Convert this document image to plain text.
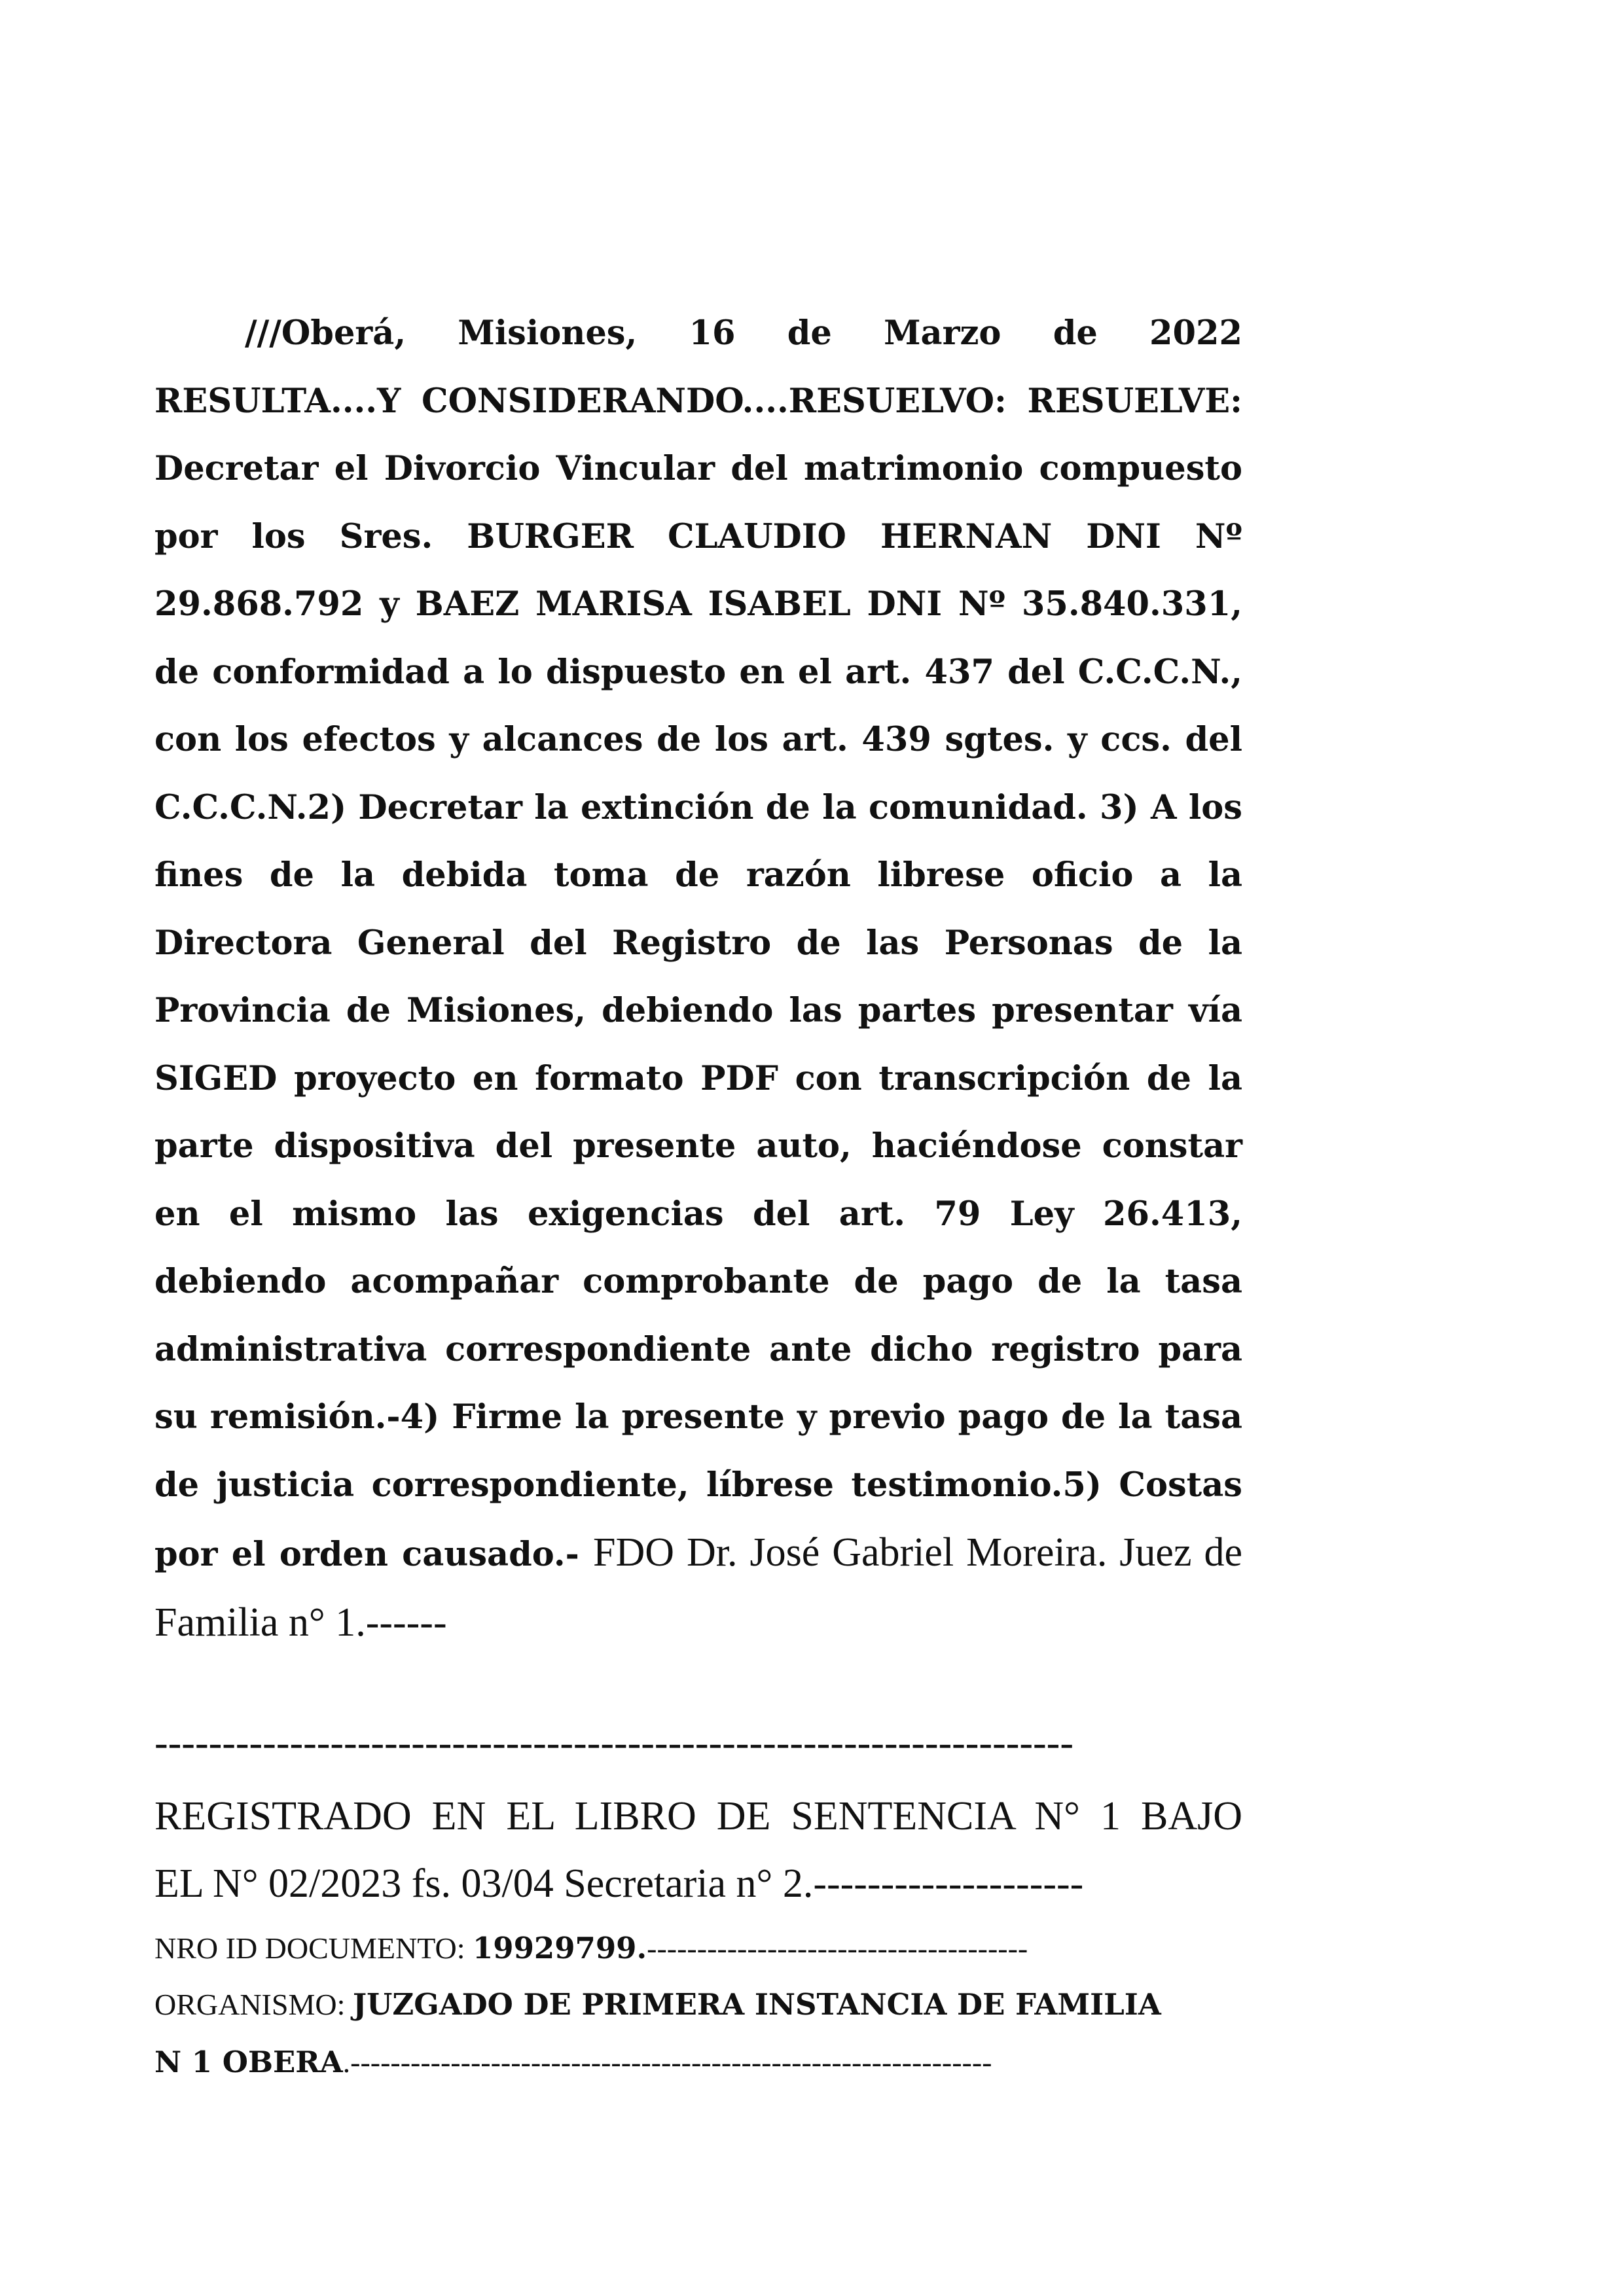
///Oberá, Misiones, 16 de Marzo de 2022 RESULTA....Y CONSIDERANDO....RESUELVO: RESUELVE: Decretar el Divorcio Vincular del matrimonio compuesto por los Sres. BURGER CLAUDIO HERNAN DNI Nº 29.868.792 y BAEZ MARISA ISABEL DNI Nº 35.840.331, de conformidad a lo dispuesto en el art. 437 del C.C.C.N., con los efectos y alcances de los art. 439 sgtes. y ccs. del C.C.C.N.2) Decretar la extinción de la comunidad. 3) A los fines de la debida toma de razón librese oficio a la Directora General del Registro de las Personas de la Provincia de Misiones, debiendo las partes presentar vía SIGED proyecto en formato PDF con transcripción de la parte dispositiva del presente auto, haciéndose constar en el mismo las exigencias del art. 79 Ley 26.413, debiendo acompañar comprobante de pago de la tasa administrativa correspondiente ante dicho registro para su remisión.-4) Firme la presente y previo pago de la tasa de justicia correspondiente, líbrese testimonio.5) Costas por el orden causado.- FDO Dr. José Gabriel Moreira. Juez de Familia n° 1.------

--------------------------------------------------------------------

REGISTRADO EN EL LIBRO DE SENTENCIA N° 1 BAJO

EL N° 02/2023 fs. 03/04 Secretaria n° 2.--------------------

NRO ID DOCUMENTO: 19929799.--------------------------------------

ORGANISMO: JUZGADO DE PRIMERA INSTANCIA DE FAMILIA

N 1 OBERA.----------------------------------------------------------------
